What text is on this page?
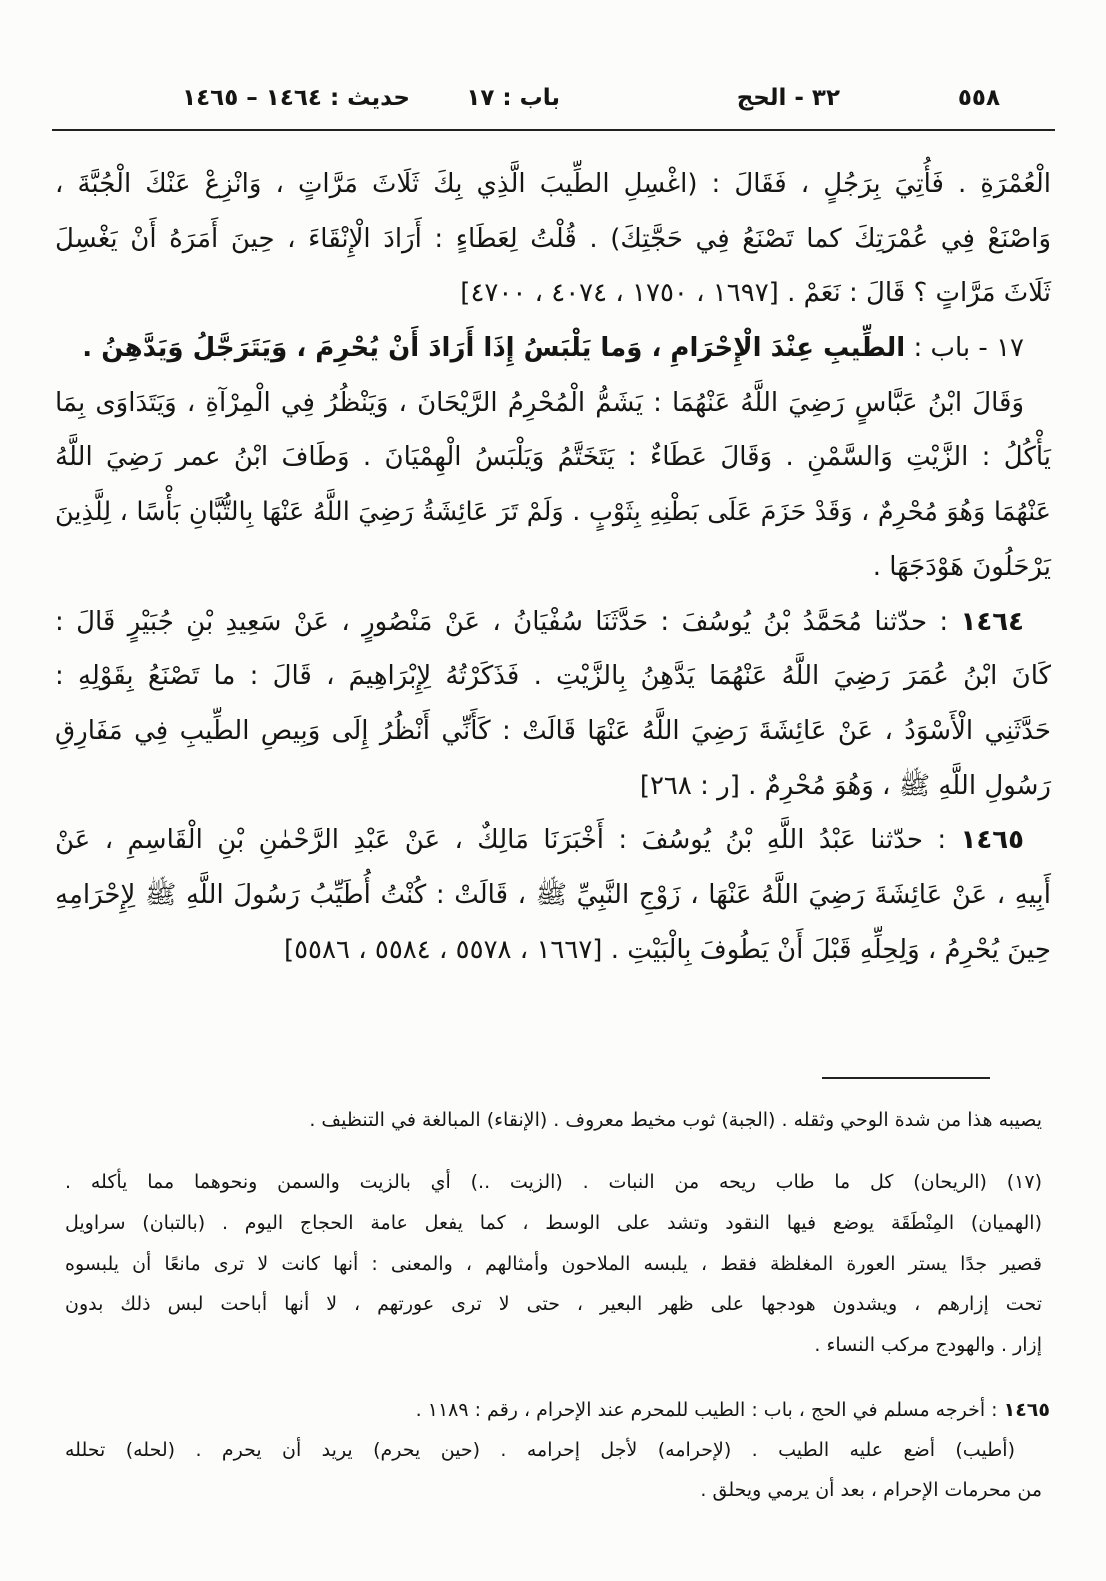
٥٥٨
٣٢ - الحج
باب : ١٧
حديث : ١٤٦٤ – ١٤٦٥
الْعُمْرَةِ . فَأُتِيَ بِرَجُلٍ ، فَقَالَ : (اغْسِلِ الطِّيبَ الَّذِي بِكَ ثَلَاثَ مَرَّاتٍ ، وَانْزِعْ عَنْكَ الْجُبَّةَ ،
وَاصْنَعْ فِي عُمْرَتِكَ كما تَصْنَعُ فِي حَجَّتِكَ) . قُلْتُ لِعَطَاءٍ : أَرَادَ الْإِنْقَاءَ ، حِينَ أَمَرَهُ أَنْ يَغْسِلَ
ثَلَاثَ مَرَّاتٍ ؟ قَالَ : نَعَمْ . [١٦٩٧ ، ١٧٥٠ ، ٤٠٧٤ ، ٤٧٠٠]
١٧ - باب : الطِّيبِ عِنْدَ الْإِحْرَامِ ، وَما يَلْبَسُ إِذَا أَرَادَ أَنْ يُحْرِمَ ، وَيَتَرَجَّلُ وَيَدَّهِنُ .
وَقَالَ ابْنُ عَبَّاسٍ رَضِيَ اللَّهُ عَنْهُمَا : يَشَمُّ الْمُحْرِمُ الرَّيْحَانَ ، وَيَنْظُرُ فِي الْمِرْآةِ ، وَيَتَدَاوَى بِمَا
يَأْكُلُ : الزَّيْتِ وَالسَّمْنِ . وَقَالَ عَطَاءٌ : يَتَخَتَّمُ وَيَلْبَسُ الْهِمْيَانَ . وَطَافَ ابْنُ عمر رَضِيَ اللَّهُ
عَنْهُمَا وَهُوَ مُحْرِمٌ ، وَقَدْ حَزَمَ عَلَى بَطْنِهِ بِثَوْبٍ . وَلَمْ تَرَ عَائِشَةُ رَضِيَ اللَّهُ عَنْهَا بِالتُّبَّانِ بَأْسًا ، لِلَّذِينَ
يَرْحَلُونَ هَوْدَجَهَا .
١٤٦٤ : حدّثنا مُحَمَّدُ بْنُ يُوسُفَ : حَدَّثَنَا سُفْيَانُ ، عَنْ مَنْصُورٍ ، عَنْ سَعِيدِ بْنِ جُبَيْرٍ قَالَ :
كَانَ ابْنُ عُمَرَ رَضِيَ اللَّهُ عَنْهُمَا يَدَّهِنُ بِالزَّيْتِ . فَذَكَرْتُهُ لِإِبْرَاهِيمَ ، قَالَ : ما تَصْنَعُ بِقَوْلِهِ :
حَدَّثَنِي الْأَسْوَدُ ، عَنْ عَائِشَةَ رَضِيَ اللَّهُ عَنْهَا قَالَتْ : كَأَنِّي أَنْظُرُ إِلَى وَبِيصِ الطِّيبِ فِي مَفَارِقِ
رَسُولِ اللَّهِ ﷺ ، وَهُوَ مُحْرِمٌ . [ر : ٢٦٨]
١٤٦٥ : حدّثنا عَبْدُ اللَّهِ بْنُ يُوسُفَ : أَخْبَرَنَا مَالِكٌ ، عَنْ عَبْدِ الرَّحْمٰنِ بْنِ الْقَاسِمِ ، عَنْ
أَبِيهِ ، عَنْ عَائِشَةَ رَضِيَ اللَّهُ عَنْهَا ، زَوْجِ النَّبِيِّ ﷺ ، قَالَتْ : كُنْتُ أُطَيِّبُ رَسُولَ اللَّهِ ﷺ لِإِحْرَامِهِ
حِينَ يُحْرِمُ ، وَلِحِلِّهِ قَبْلَ أَنْ يَطُوفَ بِالْبَيْتِ . [١٦٦٧ ، ٥٥٧٨ ، ٥٥٨٤ ، ٥٥٨٦]
يصيبه هذا من شدة الوحي وثقله . (الجبة) ثوب مخيط معروف . (الإنقاء) المبالغة في التنظيف .
(١٧) (الريحان) كل ما طاب ريحه من النبات . (الزيت ..) أي بالزيت والسمن ونحوهما مما يأكله .
(الهميان) المِنْطَقَة يوضع فيها النقود وتشد على الوسط ، كما يفعل عامة الحجاج اليوم . (بالتبان) سراويل
قصير جدًا يستر العورة المغلظة فقط ، يلبسه الملاحون وأمثالهم ، والمعنى : أنها كانت لا ترى مانعًا أن يلبسوه
تحت إزارهم ، ويشدون هودجها على ظهر البعير ، حتى لا ترى عورتهم ، لا أنها أباحت لبس ذلك بدون
إزار . والهودج مركب النساء .
١٤٦٥ : أخرجه مسلم في الحج ، باب : الطيب للمحرم عند الإحرام ، رقم : ١١٨٩ .
(أطيب) أضع عليه الطيب . (لإحرامه) لأجل إحرامه . (حين يحرم) يريد أن يحرم . (لحله) تحلله
من محرمات الإحرام ، بعد أن يرمي ويحلق .
